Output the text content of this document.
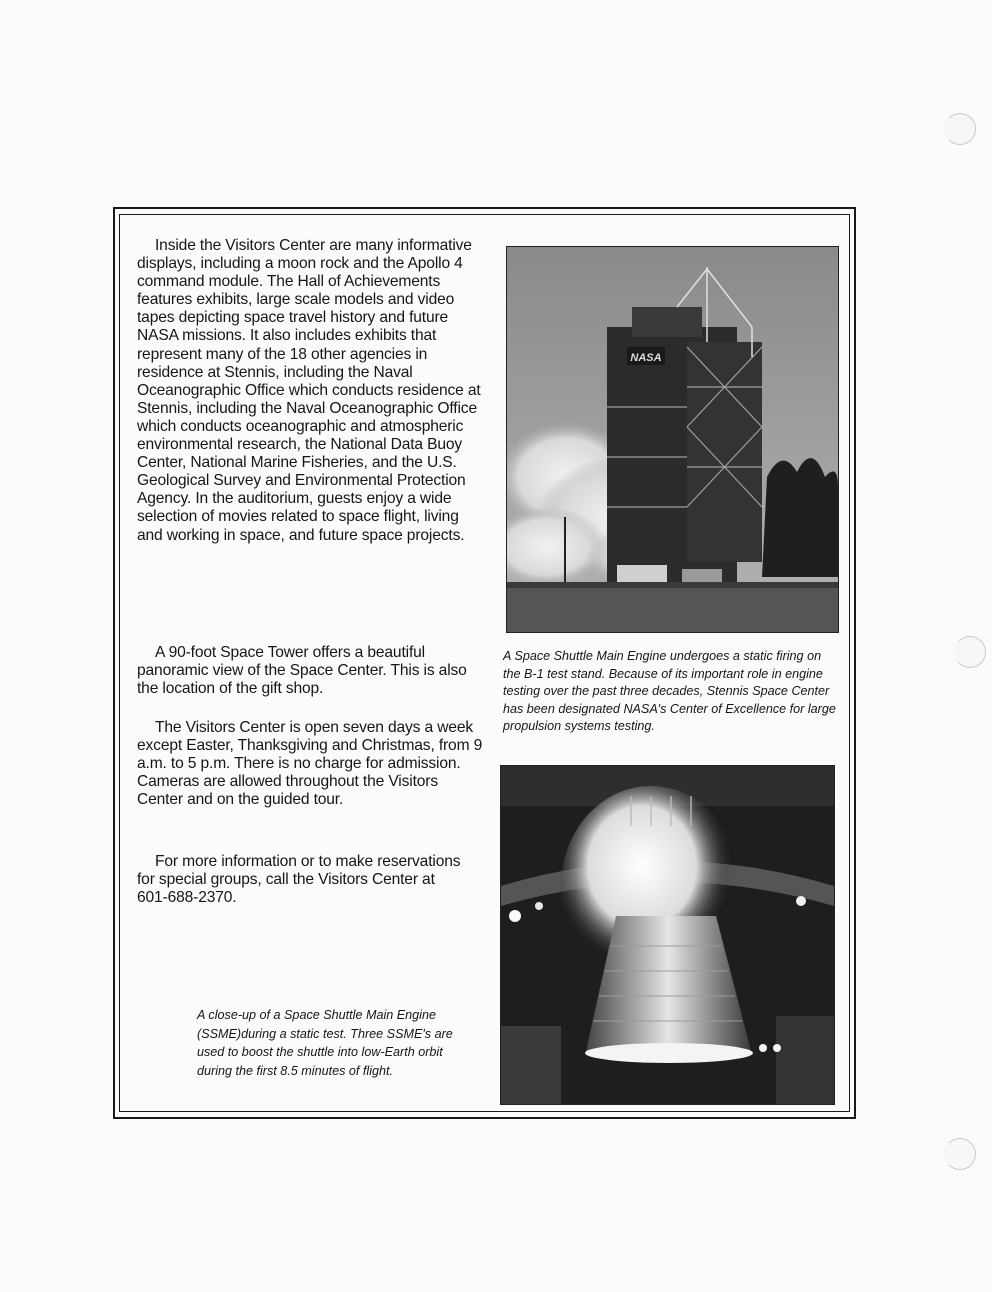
Inside the Visitors Center are many informative displays, including a moon rock and the Apollo 4 command module. The Hall of Achievements features exhibits, large scale models and video tapes depicting space travel history and future NASA missions. It also includes exhibits that represent many of the 18 other agencies in residence at Stennis, including the Naval Oceanographic Office which conducts residence at Stennis, including the Naval Oceanographic Office which conducts oceanographic and atmospheric environmental research, the National Data Buoy Center, National Marine Fisheries, and the U.S. Geological Survey and Environmental Protection Agency. In the auditorium, guests enjoy a wide selection of movies related to space flight, living and working in space, and future space projects.

A 90-foot Space Tower offers a beautiful panoramic view of the Space Center. This is also the location of the gift shop.

The Visitors Center is open seven days a week except Easter, Thanksgiving and Christmas, from 9 a.m. to 5 p.m. There is no charge for admission. Cameras are allowed throughout the Visitors Center and on the guided tour.

For more information or to make reservations for special groups, call the Visitors Center at 601-688-2370.

NASA

A Space Shuttle Main Engine undergoes a static firing on the B-1 test stand. Because of its important role in engine testing over the past three decades, Stennis Space Center has been designated NASA's Center of Excellence for large propulsion systems testing.

A close-up of a Space Shuttle Main Engine (SSME)during a static test. Three SSME's are used to boost the shuttle into low-Earth orbit during the first 8.5 minutes of flight.
